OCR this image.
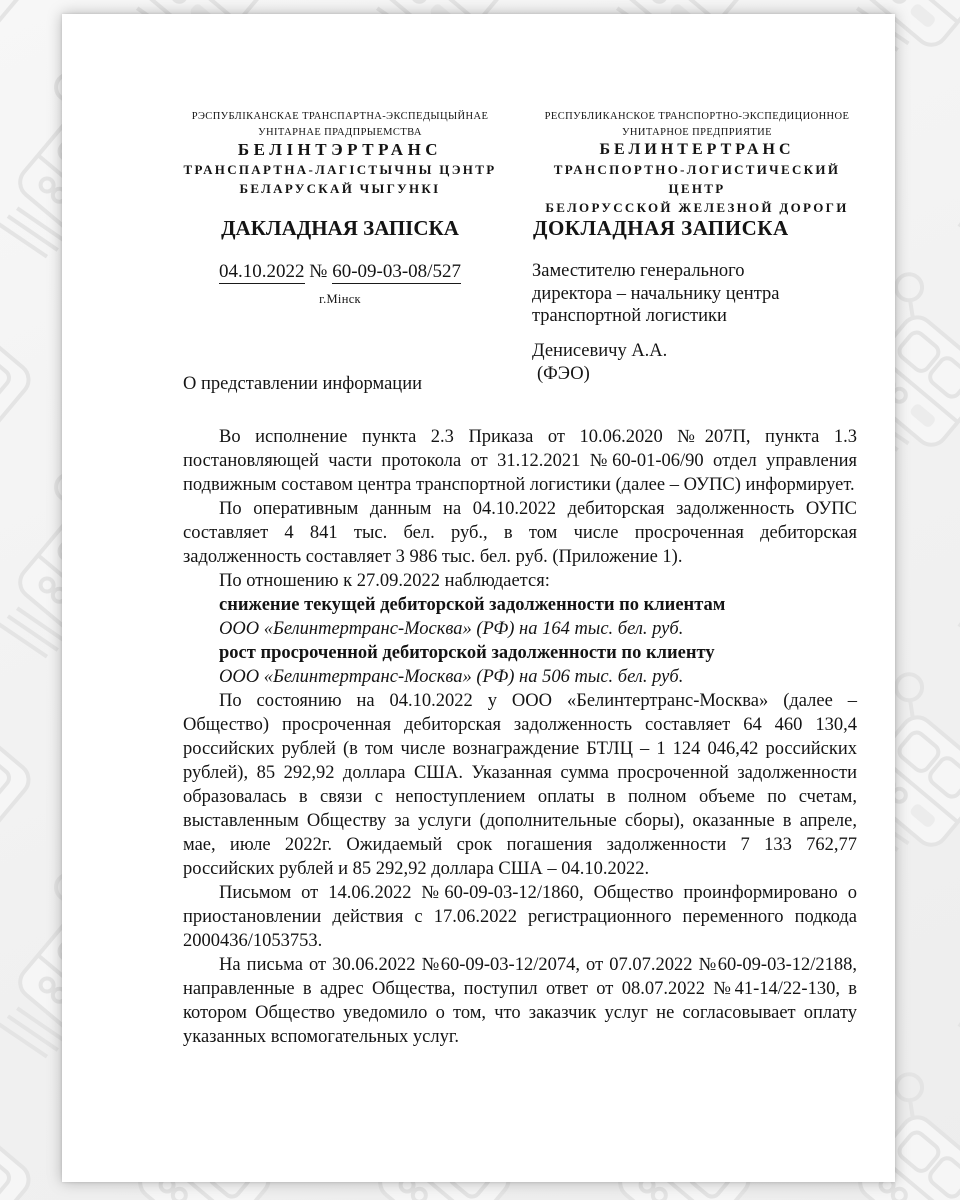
РЭСПУБЛІКАНСКАЕ ТРАНСПАРТНА-ЭКСПЕДЫЦЫЙНАЕ
УНІТАРНАЕ ПРАДПРЫЕМСТВА
БЕЛІНТЭРТРАНС
ТРАНСПАРТНА-ЛАГІСТЫЧНЫ ЦЭНТР
БЕЛАРУСКАЙ ЧЫГУНКІ
РЕСПУБЛИКАНСКОЕ ТРАНСПОРТНО-ЭКСПЕДИЦИОННОЕ
УНИТАРНОЕ ПРЕДПРИЯТИЕ
БЕЛИНТЕРТРАНС
ТРАНСПОРТНО-ЛОГИСТИЧЕСКИЙ ЦЕНТР
БЕЛОРУССКОЙ ЖЕЛЕЗНОЙ ДОРОГИ
ДАКЛАДНАЯ ЗАПІСКА	ДОКЛАДНАЯ ЗАПИСКА
04.10.2022 № 60-09-03-08/527
г.Мінск
Заместителю генерального
директора – начальнику центра
транспортной логистики
Денисевичу А.А.
(ФЭО)
О представлении информации

Во исполнение пункта 2.3 Приказа от 10.06.2020 №207П, пункта 1.3 постановляющей части протокола от 31.12.2021 №60-01-06/90 отдел управления подвижным составом центра транспортной логистики (далее – ОУПС) информирует.

По оперативным данным на 04.10.2022 дебиторская задолженность ОУПС составляет 4 841 тыс. бел. руб., в том числе просроченная дебиторская задолженность составляет 3 986 тыс. бел. руб. (Приложение 1).

По отношению к 27.09.2022 наблюдается:

снижение текущей дебиторской задолженности по клиентам

ООО «Белинтертранс-Москва» (РФ) на 164 тыс. бел. руб.

рост просроченной дебиторской задолженности по клиенту

ООО «Белинтертранс-Москва» (РФ) на 506 тыс. бел. руб.

По состоянию на 04.10.2022 у ООО «Белинтертранс-Москва» (далее – Общество) просроченная дебиторская задолженность составляет 64 460 130,4 российских рублей (в том числе вознаграждение БТЛЦ – 1 124 046,42 российских рублей), 85 292,92 доллара США. Указанная сумма просроченной задолженности образовалась в связи с непоступлением оплаты в полном объеме по счетам, выставленным Обществу за услуги (дополнительные сборы), оказанные в апреле, мае, июле 2022г. Ожидаемый срок погашения задолженности 7 133 762,77 российских рублей и 85 292,92 доллара США – 04.10.2022.

Письмом от 14.06.2022 №60-09-03-12/1860, Общество проинформировано о приостановлении действия с 17.06.2022 регистрационного переменного подкода 2000436/1053753.

На письма от 30.06.2022 №60-09-03-12/2074, от 07.07.2022 №60-09-03-12/2188, направленные в адрес Общества, поступил ответ от 08.07.2022 №41-14/22-130, в котором Общество уведомило о том, что заказчик услуг не согласовывает оплату указанных вспомогательных услуг.
